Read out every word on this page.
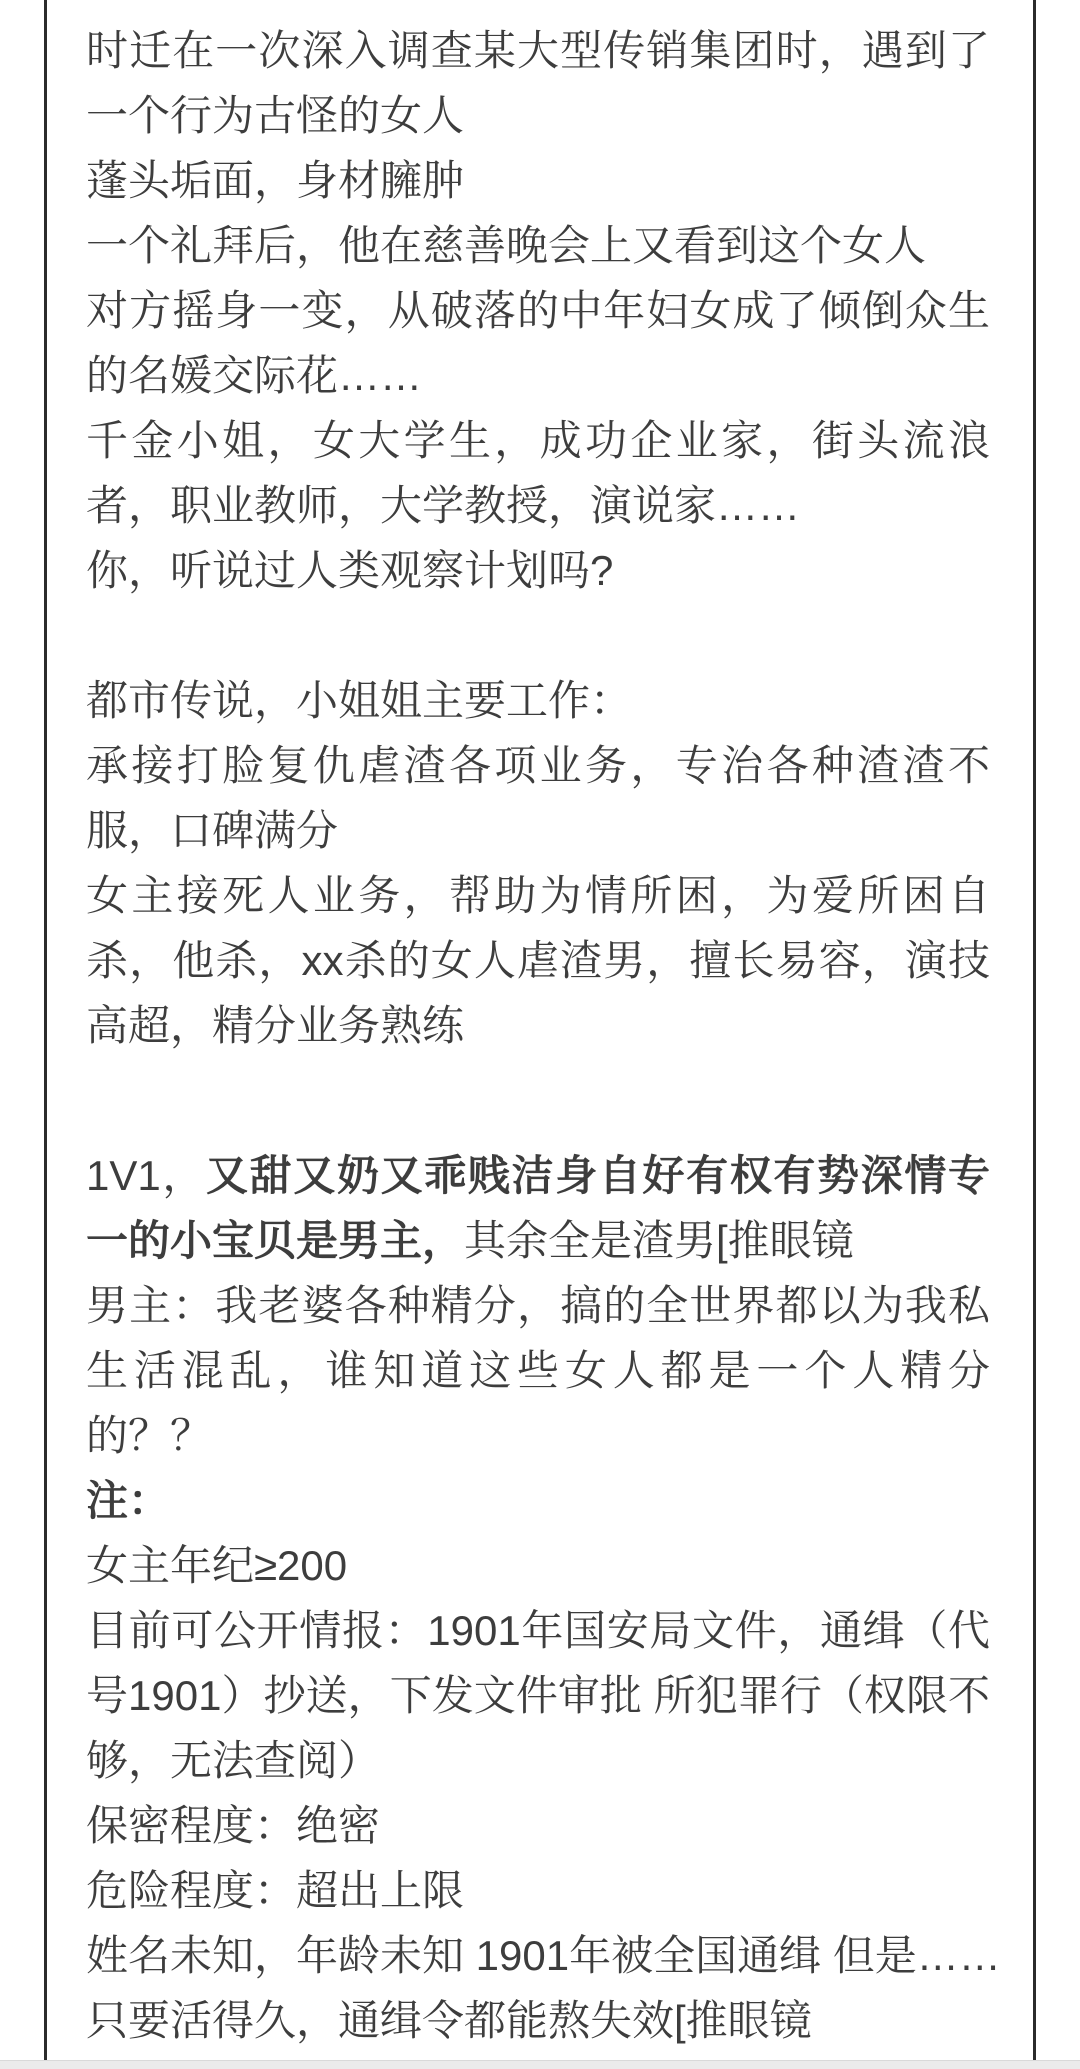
时迁在一次深入调查某大型传销集团时，遇到了
一个行为古怪的女人
蓬头垢面，身材臃肿
一个礼拜后，他在慈善晚会上又看到这个女人
对方摇身一变，从破落的中年妇女成了倾倒众生
的名媛交际花……
千金小姐，女大学生，成功企业家，街头流浪
者，职业教师，大学教授，演说家……
你，听说过人类观察计划吗?
都市传说，小姐姐主要工作：
承接打脸复仇虐渣各项业务，专治各种渣渣不
服，口碑满分
女主接死人业务，帮助为情所困，为爱所困自
杀，他杀，xx杀的女人虐渣男，擅长易容，演技
高超，精分业务熟练
1V1，又甜又奶又乖贱洁身自好有权有势深情专
一的小宝贝是男主，其余全是渣男[推眼镜
男主：我老婆各种精分，搞的全世界都以为我私
生活混乱，谁知道这些女人都是一个人精分
的？？
注：
女主年纪≥200
目前可公开情报：1901年国安局文件，通缉（代
号1901）抄送，下发文件审批 所犯罪行（权限不
够，无法查阅）
保密程度：绝密
危险程度：超出上限
姓名未知，年龄未知 1901年被全国通缉 但是……
只要活得久，通缉令都能熬失效[推眼镜
